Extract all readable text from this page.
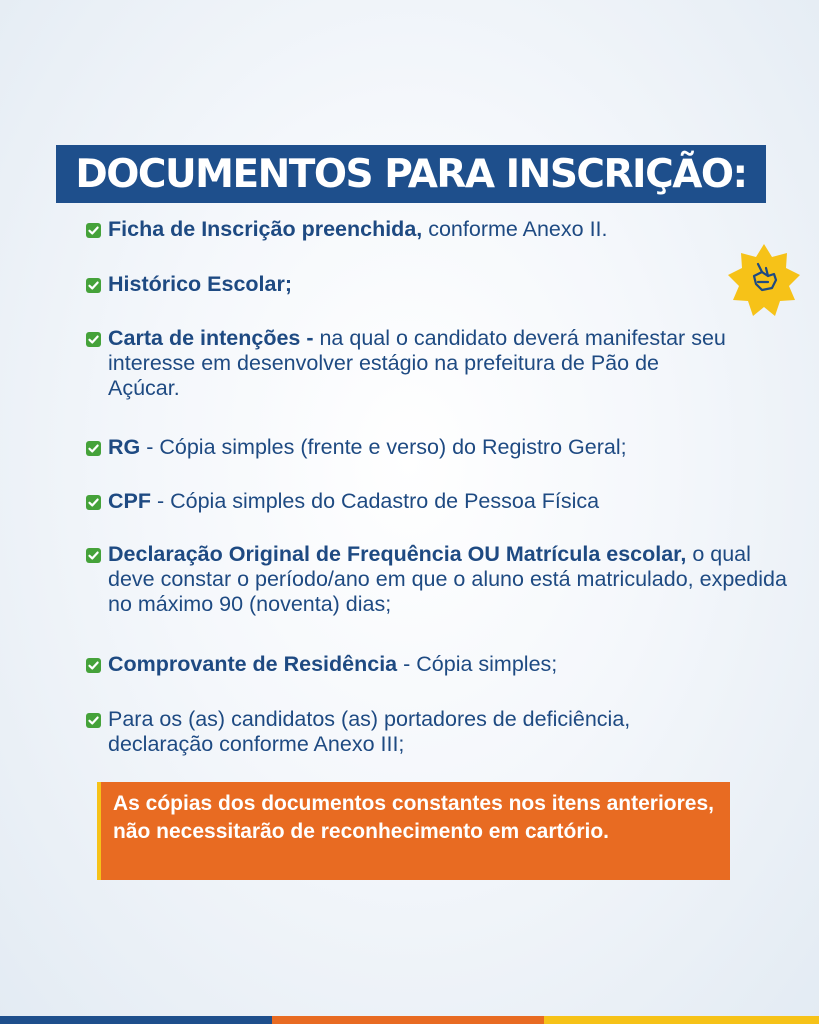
DOCUMENTOS PARA INSCRIÇÃO:
Ficha de Inscrição preenchida, conforme Anexo II.
Histórico Escolar;
Carta de intenções - na qual o candidato deverá manifestar seu interesse em desenvolver estágio na prefeitura de Pão de Açúcar.
RG - Cópia simples (frente e verso) do Registro Geral;
CPF - Cópia simples do Cadastro de Pessoa Física
Declaração Original de Frequência OU Matrícula escolar, o qual deve constar o período/ano em que o aluno está matriculado, expedida no máximo 90 (noventa) dias;
Comprovante de Residência - Cópia simples;
Para os (as) candidatos (as) portadores de deficiência, declaração conforme Anexo III;
As cópias dos documentos constantes nos itens anteriores, não necessitarão de reconhecimento em cartório.
